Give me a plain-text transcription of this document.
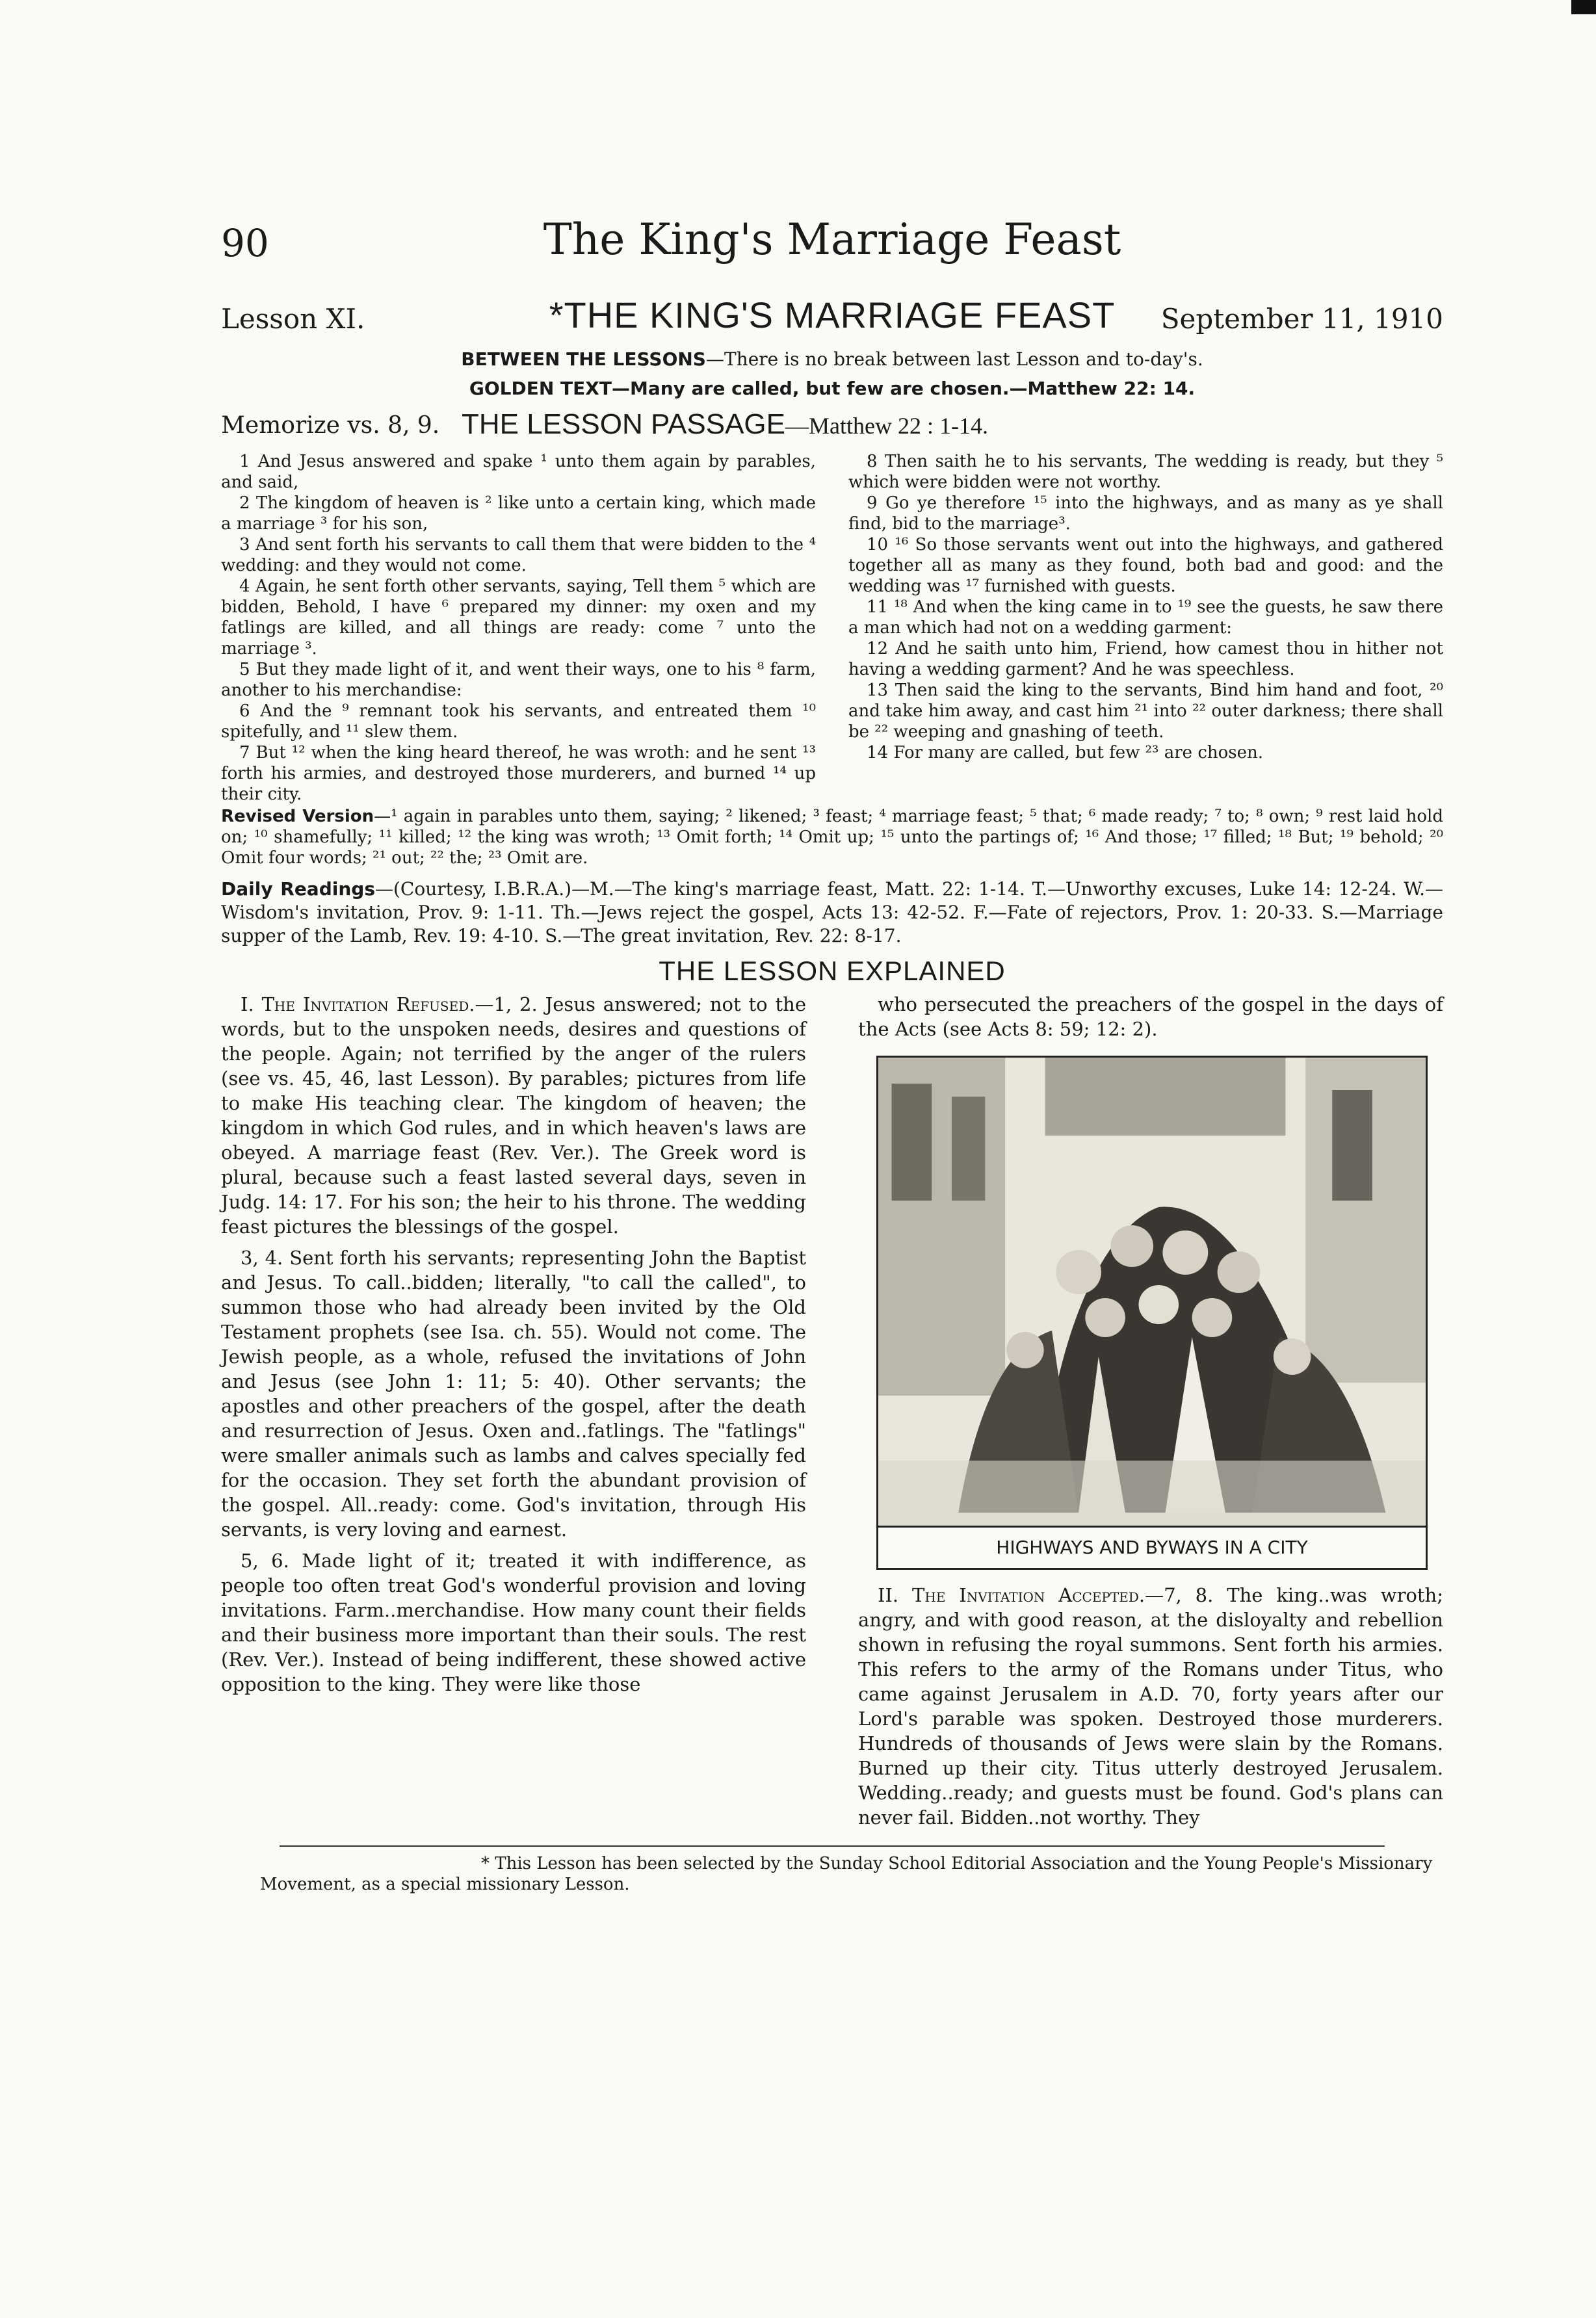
90	The King's Marriage Feast
Lesson XI.	*THE KING'S MARRIAGE FEAST	September 11, 1910
BETWEEN THE LESSONS—There is no break between last Lesson and to-day's.
GOLDEN TEXT—Many are called, but few are chosen.—Matthew 22: 14.
Memorize vs. 8, 9. THE LESSON PASSAGE—Matthew 22 : 1-14.

1 And Jesus answered and spake ¹ unto them again by parables, and said,

2 The kingdom of heaven is ² like unto a certain king, which made a marriage ³ for his son,

3 And sent forth his servants to call them that were bidden to the ⁴ wedding: and they would not come.

4 Again, he sent forth other servants, saying, Tell them ⁵ which are bidden, Behold, I have ⁶ prepared my dinner: my oxen and my fatlings are killed, and all things are ready: come ⁷ unto the marriage ³.

5 But they made light of it, and went their ways, one to his ⁸ farm, another to his merchandise:

6 And the ⁹ remnant took his servants, and entreated them ¹⁰ spitefully, and ¹¹ slew them.

7 But ¹² when the king heard thereof, he was wroth: and he sent ¹³ forth his armies, and destroyed those murderers, and burned ¹⁴ up their city.

8 Then saith he to his servants, The wedding is ready, but they ⁵ which were bidden were not worthy.

9 Go ye therefore ¹⁵ into the highways, and as many as ye shall find, bid to the marriage³.

10 ¹⁶ So those servants went out into the highways, and gathered together all as many as they found, both bad and good: and the wedding was ¹⁷ furnished with guests.

11 ¹⁸ And when the king came in to ¹⁹ see the guests, he saw there a man which had not on a wedding garment:

12 And he saith unto him, Friend, how camest thou in hither not having a wedding garment? And he was speechless.

13 Then said the king to the servants, Bind him hand and foot, ²⁰ and take him away, and cast him ²¹ into ²² outer darkness; there shall be ²² weeping and gnashing of teeth.

14 For many are called, but few ²³ are chosen.

Revised Version—¹ again in parables unto them, saying; ² likened; ³ feast; ⁴ marriage feast; ⁵ that; ⁶ made ready; ⁷ to; ⁸ own; ⁹ rest laid hold on; ¹⁰ shamefully; ¹¹ killed; ¹² the king was wroth; ¹³ Omit forth; ¹⁴ Omit up; ¹⁵ unto the partings of; ¹⁶ And those; ¹⁷ filled; ¹⁸ But; ¹⁹ behold; ²⁰ Omit four words; ²¹ out; ²² the; ²³ Omit are.
Daily Readings—(Courtesy, I.B.R.A.)—M.—The king's marriage feast, Matt. 22: 1-14. T.—Unworthy excuses, Luke 14: 12-24. W.—Wisdom's invitation, Prov. 9: 1-11. Th.—Jews reject the gospel, Acts 13: 42-52. F.—Fate of rejectors, Prov. 1: 20-33. S.—Marriage supper of the Lamb, Rev. 19: 4-10. S.—The great invitation, Rev. 22: 8-17.
THE LESSON EXPLAINED

I. The Invitation Refused.—1, 2. Jesus answered; not to the words, but to the unspoken needs, desires and questions of the people. Again; not terrified by the anger of the rulers (see vs. 45, 46, last Lesson). By parables; pictures from life to make His teaching clear. The kingdom of heaven; the kingdom in which God rules, and in which heaven's laws are obeyed. A marriage feast (Rev. Ver.). The Greek word is plural, because such a feast lasted several days, seven in Judg. 14: 17. For his son; the heir to his throne. The wedding feast pictures the blessings of the gospel.

3, 4. Sent forth his servants; representing John the Baptist and Jesus. To call..bidden; literally, "to call the called", to summon those who had already been invited by the Old Testament prophets (see Isa. ch. 55). Would not come. The Jewish people, as a whole, refused the invitations of John and Jesus (see John 1: 11; 5: 40). Other servants; the apostles and other preachers of the gospel, after the death and resurrection of Jesus. Oxen and..fatlings. The "fatlings" were smaller animals such as lambs and calves specially fed for the occasion. They set forth the abundant provision of the gospel. All..ready: come. God's invitation, through His servants, is very loving and earnest.

5, 6. Made light of it; treated it with indifference, as people too often treat God's wonderful provision and loving invitations. Farm..merchandise. How many count their fields and their business more important than their souls. The rest (Rev. Ver.). Instead of being indifferent, these showed active opposition to the king. They were like those

who persecuted the preachers of the gospel in the days of the Acts (see Acts 8: 59; 12: 2).

HIGHWAYS AND BYWAYS IN A CITY

II. The Invitation Accepted.—7, 8. The king..was wroth; angry, and with good reason, at the disloyalty and rebellion shown in refusing the royal summons. Sent forth his armies. This refers to the army of the Romans under Titus, who came against Jerusalem in A.D. 70, forty years after our Lord's parable was spoken. Destroyed those murderers. Hundreds of thousands of Jews were slain by the Romans. Burned up their city. Titus utterly destroyed Jerusalem. Wedding..ready; and guests must be found. God's plans can never fail. Bidden..not worthy. They

* This Lesson has been selected by the Sunday School Editorial Association and the Young People's Missionary Movement, as a special missionary Lesson.
